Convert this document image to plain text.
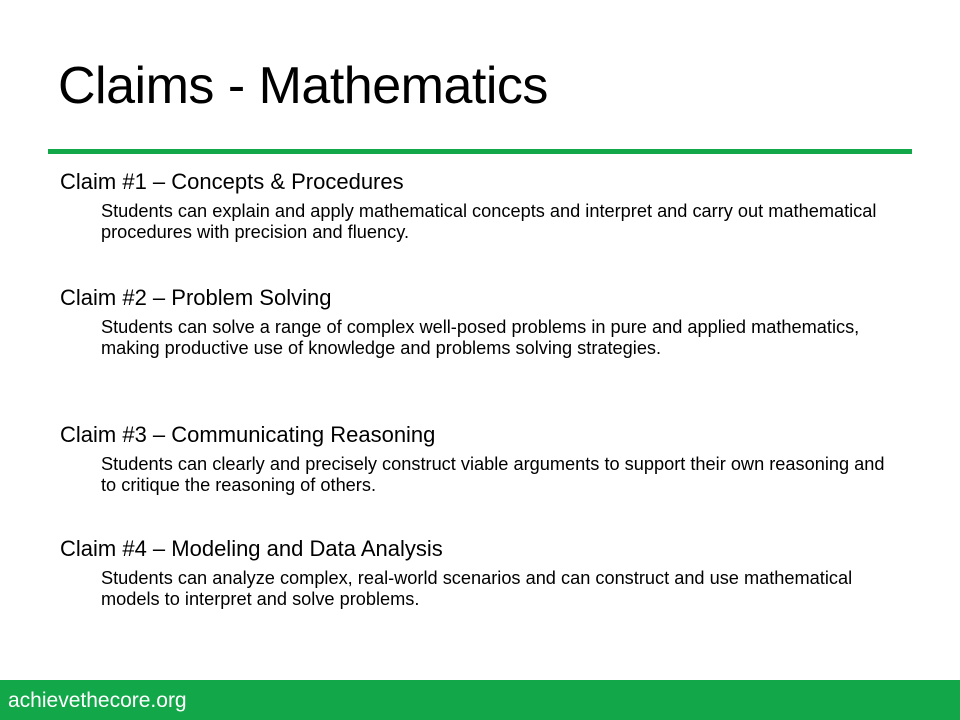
Claims - Mathematics

Claim #1 – Concepts & Procedures

Students can explain and apply mathematical concepts and interpret and carry out mathematical procedures with precision and fluency.

Claim #2 – Problem Solving

Students can solve a range of complex well-posed problems in pure and applied mathematics, making productive use of knowledge and problems solving strategies.

Claim #3 – Communicating Reasoning

Students can clearly and precisely construct viable arguments to support their own reasoning and to critique the reasoning of others.

Claim #4 – Modeling and Data Analysis

Students can analyze complex, real-world scenarios and can construct and use mathematical models to interpret and solve problems.

achievethecore.org
